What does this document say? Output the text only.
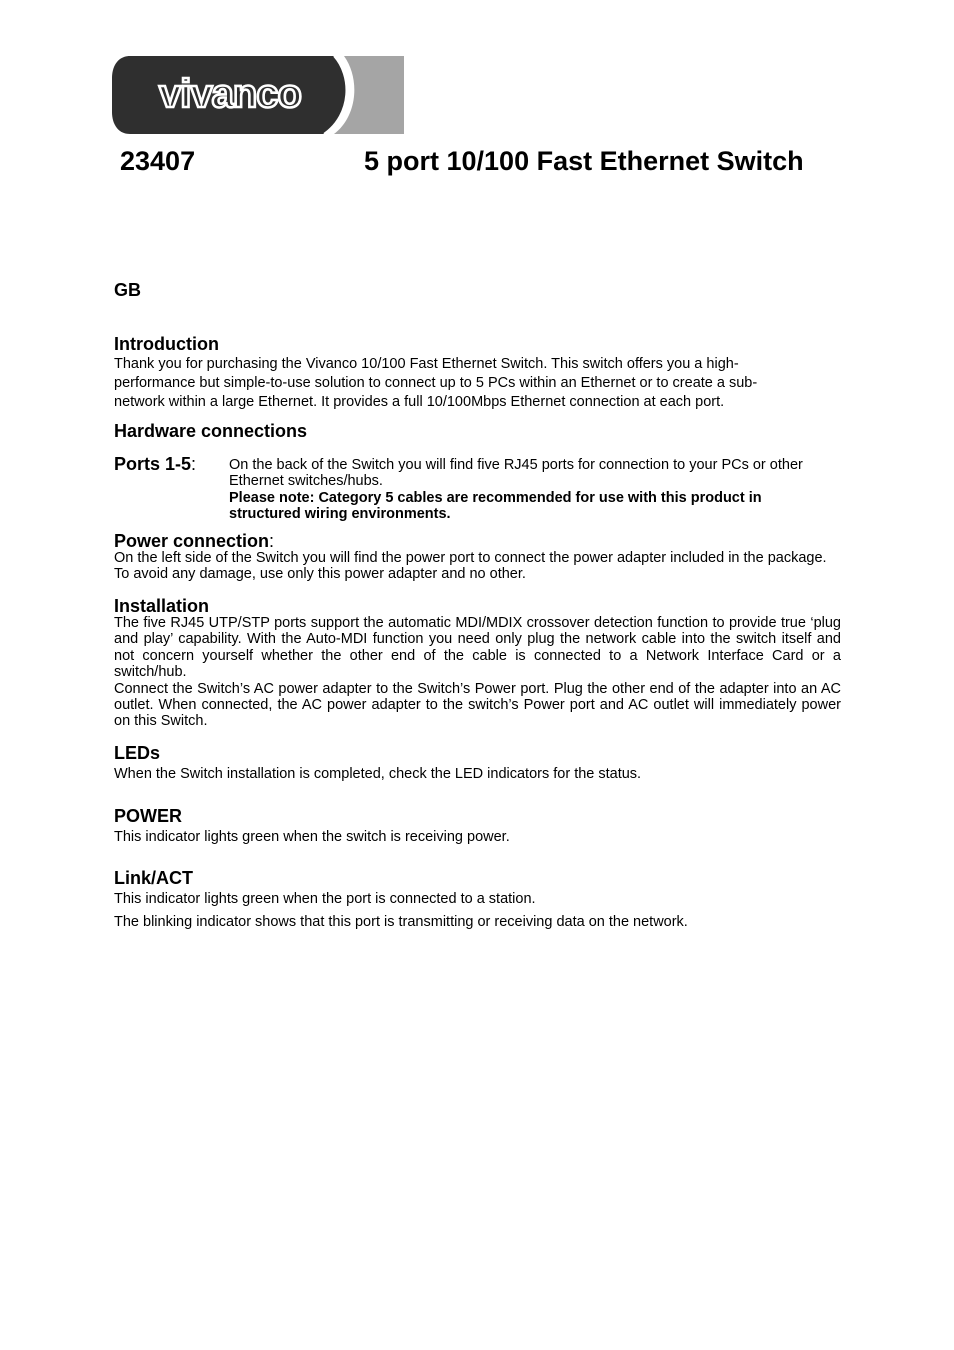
vivanco
23407	5 port 10/100 Fast Ethernet Switch
GB
Introduction
Thank you for purchasing the Vivanco 10/100 Fast Ethernet Switch. This switch offers you a high-
performance but simple-to-use solution to connect up to 5 PCs within an Ethernet or to create a sub-
network within a large Ethernet. It provides a full 10/100Mbps Ethernet connection at each port.
Hardware connections
Ports 1-5: On the back of the Switch you will find five RJ45 ports for connection to your PCs or other Ethernet switches/hubs.
Please note: Category 5 cables are recommended for use with this product in structured wiring environments.
Power connection:
On the left side of the Switch you will find the power port to connect the power adapter included in the package. To avoid any damage, use only this power adapter and no other.
Installation
The five RJ45 UTP/STP ports support the automatic MDI/MDIX crossover detection function to provide true ‘plug and play’ capability. With the Auto-MDI function you need only plug the network cable into the switch itself and not concern yourself whether the other end of the cable is connected to a Network Interface Card or a switch/hub.
Connect the Switch’s AC power adapter to the Switch’s Power port. Plug the other end of the adapter into an AC outlet. When connected, the AC power adapter to the switch’s Power port and AC outlet will immediately power on this Switch.
LEDs
When the Switch installation is completed, check the LED indicators for the status.
POWER
This indicator lights green when the switch is receiving power.
Link/ACT
This indicator lights green when the port is connected to a station.
The blinking indicator shows that this port is transmitting or receiving data on the network.
